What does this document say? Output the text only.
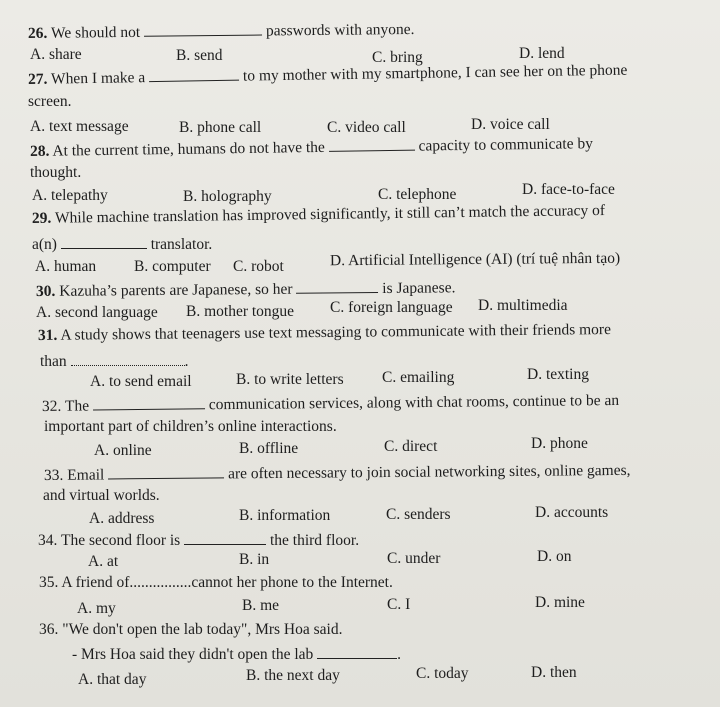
26. We should not	passwords with anyone.
A. share	B. send	C. bring	D. lend
27. When I make a	to my mother with my smartphone, I can see her on the phone
screen.
A. text message	B. phone call	C. video call	D. voice call
28. At the current time, humans do not have the	capacity to communicate by
thought.
A. telepathy	B. holography	C. telephone	D. face-to-face
29. While machine translation has improved significantly, it still can’t match the accuracy of
a(n)	translator.
A. human B. computer C. robot	D. Artificial Intelligence (AI) (trí tuệ nhân tạo)
30. Kazuha’s parents are Japanese, so her	is Japanese.
A. second language B. mother tongue C. foreign language D. multimedia
31. A study shows that teenagers use text messaging to communicate with their friends more
than	.
A. to send email	B. to write letters C. emailing	D. texting
32. The	communication services, along with chat rooms, continue to be an
important part of children’s online interactions.
A. online	B. offline	C. direct	D. phone
33. Email	are often necessary to join social networking sites, online games,
and virtual worlds.
A. address	B. information	C. senders	D. accounts
34. The second floor is	the third floor.
A. at	B. in	C. under	D. on
35. A friend of................cannot her phone to the Internet.
A. my	B. me	C. I	D. mine
36. "We don't open the lab today", Mrs Hoa said.
- Mrs Hoa said they didn't open the lab	.
A. that day	B. the next day	C. today	D. then
